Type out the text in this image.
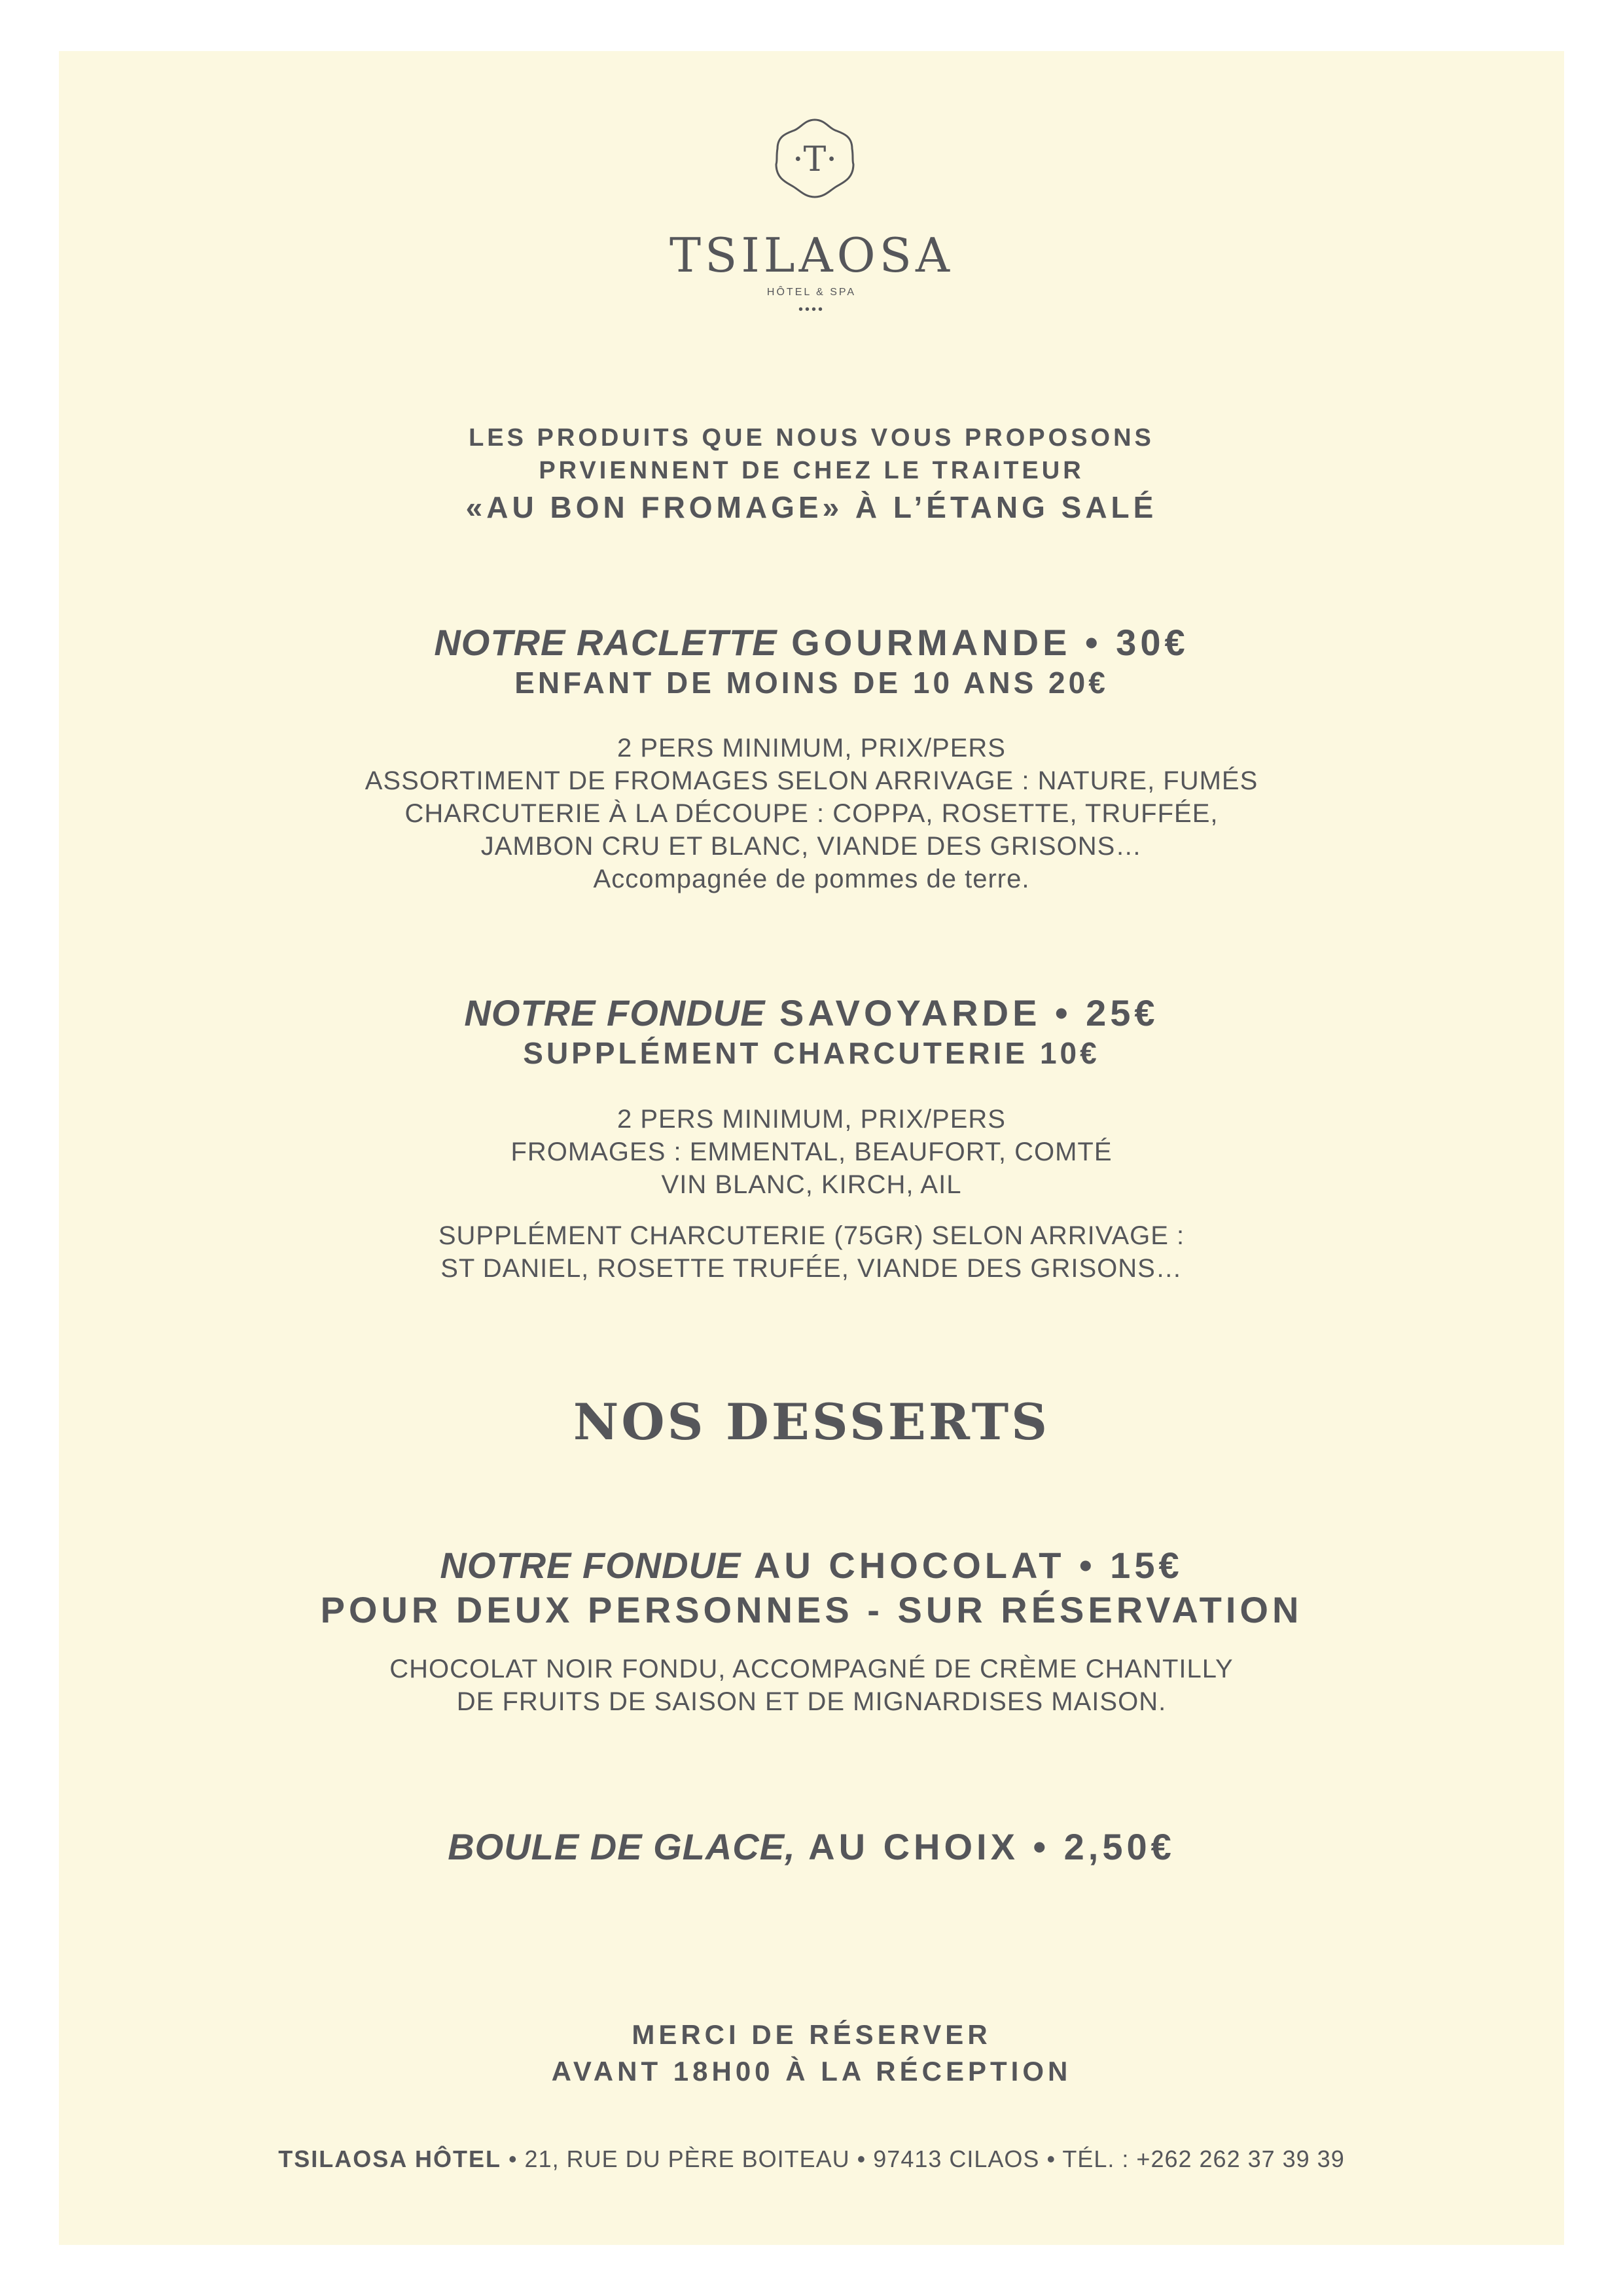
·T·
TSILAOSA
HÔTEL & SPA
••••
LES PRODUITS QUE NOUS VOUS PROPOSONS
PRVIENNENT DE CHEZ LE TRAITEUR
«AU BON FROMAGE» À L’ÉTANG SALÉ
NOTRE RACLETTE GOURMANDE • 30€
ENFANT DE MOINS DE 10 ANS 20€
2 PERS MINIMUM, PRIX/PERS
ASSORTIMENT DE FROMAGES SELON ARRIVAGE : NATURE, FUMÉS
CHARCUTERIE À LA DÉCOUPE : COPPA, ROSETTE, TRUFFÉE,
JAMBON CRU ET BLANC, VIANDE DES GRISONS…
Accompagnée de pommes de terre.
NOTRE FONDUE SAVOYARDE • 25€
SUPPLÉMENT CHARCUTERIE 10€
2 PERS MINIMUM, PRIX/PERS
FROMAGES : EMMENTAL, BEAUFORT, COMTÉ
VIN BLANC, KIRCH, AIL
SUPPLÉMENT CHARCUTERIE (75GR) SELON ARRIVAGE :
ST DANIEL, ROSETTE TRUFÉE, VIANDE DES GRISONS…
NOS DESSERTS
NOTRE FONDUE AU CHOCOLAT • 15€
POUR DEUX PERSONNES - SUR RÉSERVATION
CHOCOLAT NOIR FONDU, ACCOMPAGNÉ DE CRÈME CHANTILLY
DE FRUITS DE SAISON ET DE MIGNARDISES MAISON.
BOULE DE GLACE, AU CHOIX • 2,50€
MERCI DE RÉSERVER
AVANT 18H00 À LA RÉCEPTION
TSILAOSA HÔTEL • 21, RUE DU PÈRE BOITEAU • 97413 CILAOS • TÉL. : +262 262 37 39 39
